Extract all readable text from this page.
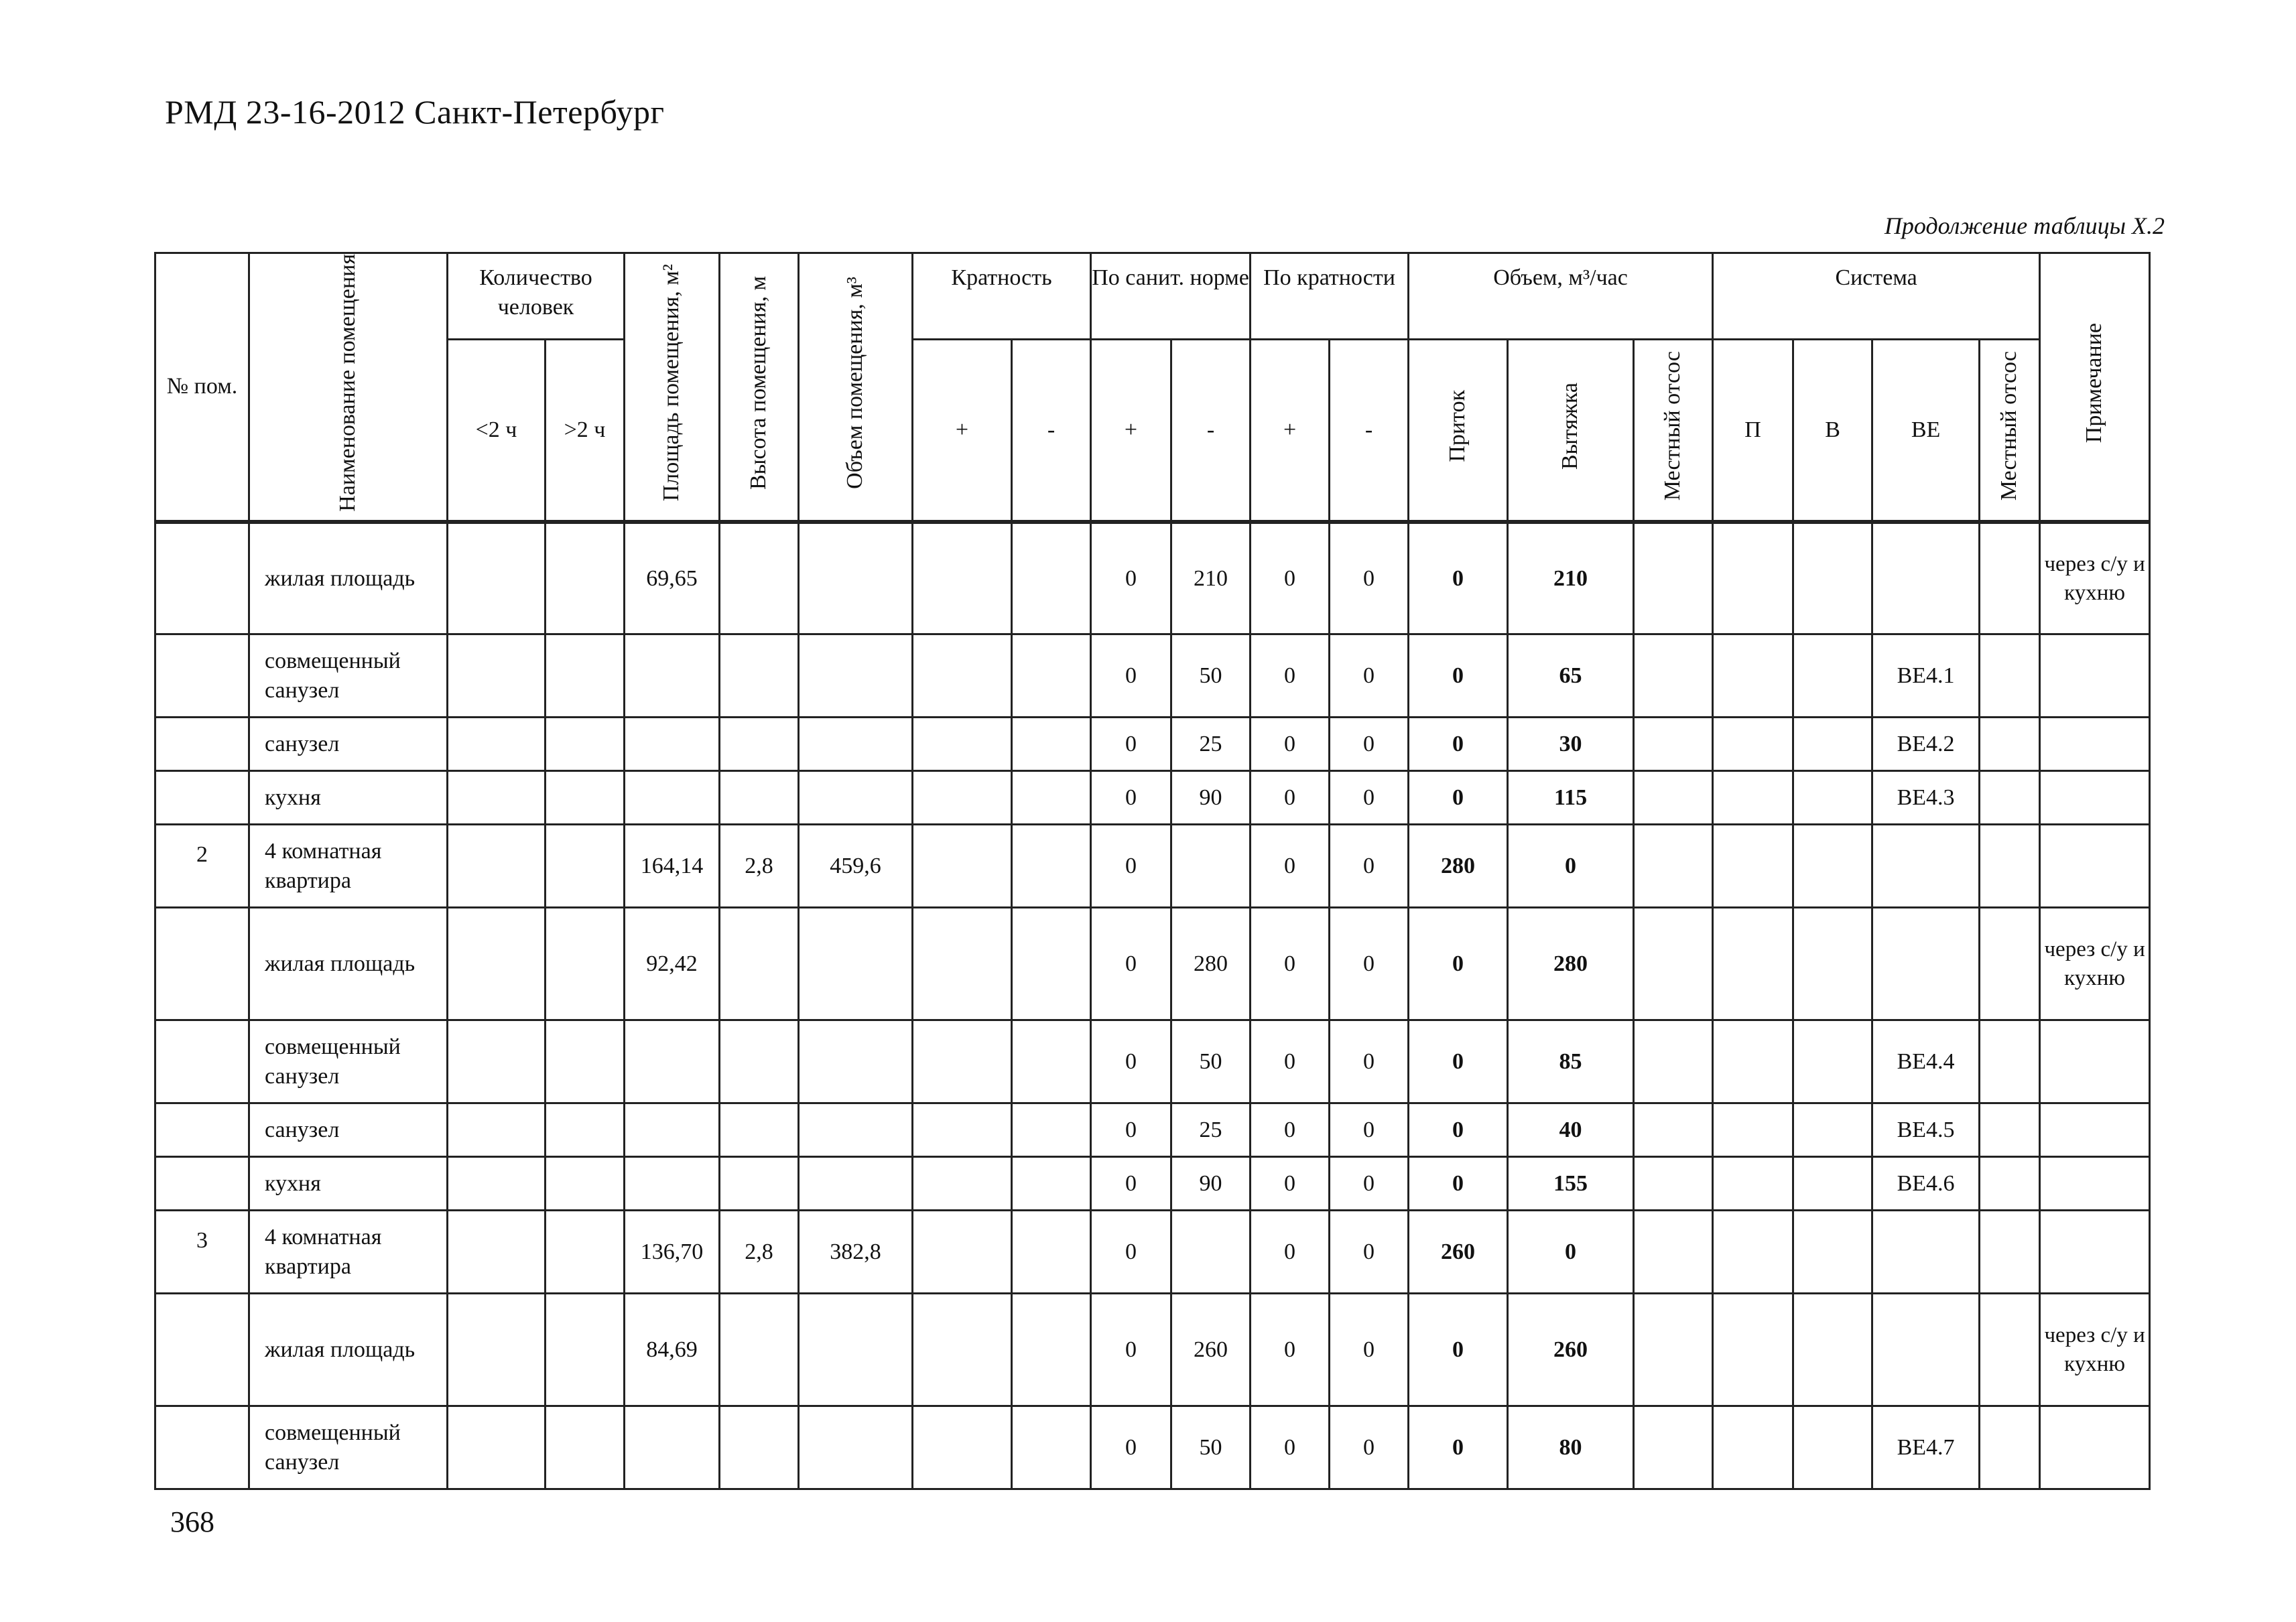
РМД 23-16-2012 Санкт-Петербург
Продолжение таблицы X.2
№ пом.	Наименование помещения	Количество человек		Площадь помещения, м²	Высота помещения, м	Объем помещения, м³	Кратность		По санит. норме		По кратности		Объем, м³/час			Система				Примечание
		<2 ч	>2 ч				+	-	+	-	+	-	Приток	Вытяжка	Местный отсос	П	В	ВЕ	Местный отсос	
	жилая площадь			69,65					0	210	0	0	0	210						через с/у и кухню
	совмещенный санузел								0	50	0	0	0	65				ВЕ4.1		
	санузел								0	25	0	0	0	30				ВЕ4.2		
	кухня								0	90	0	0	0	115				ВЕ4.3		
2	4 комнатная квартира			164,14	2,8	459,6			0		0	0	280	0						
	жилая площадь			92,42					0	280	0	0	0	280						через с/у и кухню
	совмещенный санузел								0	50	0	0	0	85				ВЕ4.4		
	санузел								0	25	0	0	0	40				ВЕ4.5		
	кухня								0	90	0	0	0	155				ВЕ4.6		
3	4 комнатная квартира			136,70	2,8	382,8			0		0	0	260	0						
	жилая площадь			84,69					0	260	0	0	0	260						через с/у и кухню
	совмещенный санузел								0	50	0	0	0	80				ВЕ4.7		
368
